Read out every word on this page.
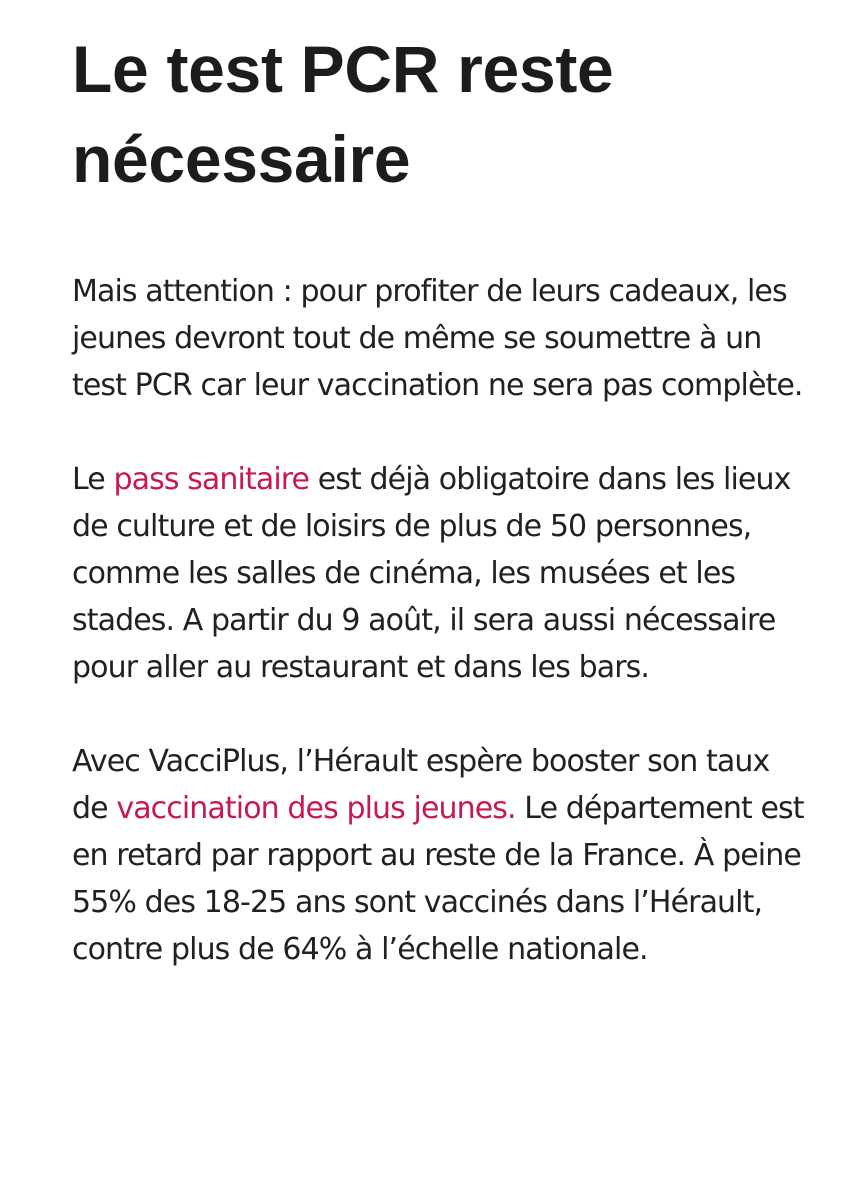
Le test PCR reste nécessaire

Mais attention : pour profiter de leurs cadeaux, les jeunes devront tout de même se soumettre à un test PCR car leur vaccination ne sera pas complète.

Le pass sanitaire est déjà obligatoire dans les lieux de culture et de loisirs de plus de 50 personnes, comme les salles de cinéma, les musées et les stades. A partir du 9 août, il sera aussi nécessaire pour aller au restaurant et dans les bars.

Avec VacciPlus, l’Hérault espère booster son taux de vaccination des plus jeunes. Le département est en retard par rapport au reste de la France. À peine 55% des 18-25 ans sont vaccinés dans l’Hérault, contre plus de 64% à l’échelle nationale.
